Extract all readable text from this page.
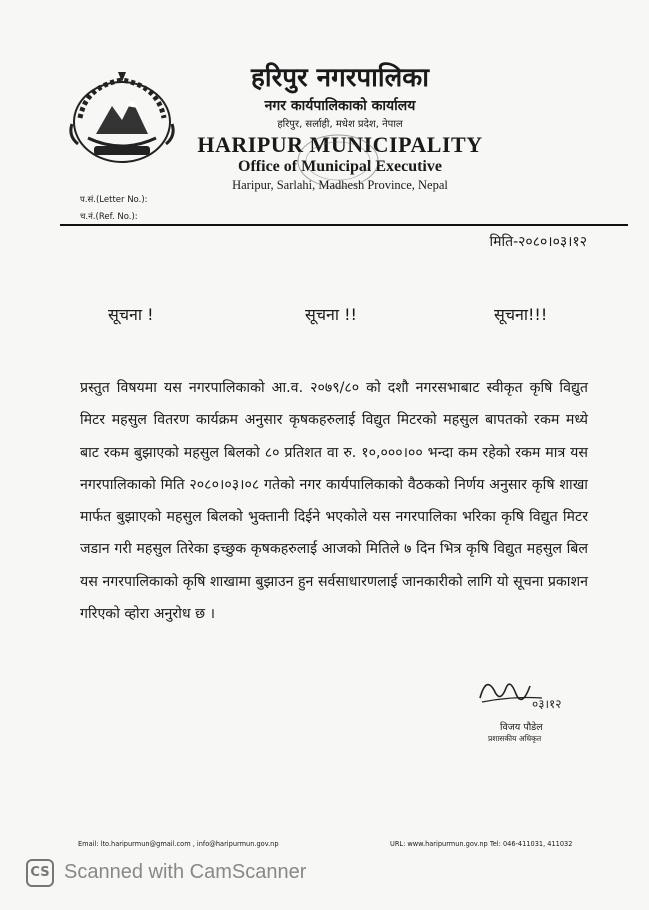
हरिपुर नगरपालिका
नगर कार्यपालिकाको कार्यालय
हरिपुर, सर्लाही, मधेश प्रदेश, नेपाल
HARIPUR MUNICIPALITY
Office of Municipal Executive
Haripur, Sarlahi, Madhesh Province, Nepal
प.सं.(Letter No.):
च.नं.(Ref. No.):
मिति-२०८०।०३।१२
सूचना !	सूचना !!	सूचना!!!

प्रस्तुत विषयमा यस नगरपालिकाको आ.व. २०७९/८० को दशौ नगरसभाबाट स्वीकृत कृषि विद्युत मिटर महसुल वितरण कार्यक्रम अनुसार कृषकहरुलाई विद्युत मिटरको महसुल बापतको रकम मध्ये बाट रकम बुझाएको महसुल बिलको ८० प्रतिशत वा रु. १०,०००।०० भन्दा कम रहेको रकम मात्र यस नगरपालिकाको मिति २०८०।०३।०८ गतेको नगर कार्यपालिकाको वैठकको निर्णय अनुसार कृषि शाखा मार्फत बुझाएको महसुल बिलको भुक्तानी दिईने भएकोले यस नगरपालिका भरिका कृषि विद्युत मिटर जडान गरी महसुल तिरेका इच्छुक कृषकहरुलाई आजको मितिले ७ दिन भित्र कृषि विद्युत महसुल बिल यस नगरपालिकाको कृषि शाखामा बुझाउन हुन सर्वसाधारणलाई जानकारीको लागि यो सूचना प्रकाशन गरिएको व्होरा अनुरोध छ ।

०३।१२
विजय पौडेल
प्रशासकीय अधिकृत
Email: lto.haripurmun@gmail.com , info@haripurmun.gov.np	URL: www.haripurmun.gov.np Tel: 046-411031, 411032
CS Scanned with CamScanner
